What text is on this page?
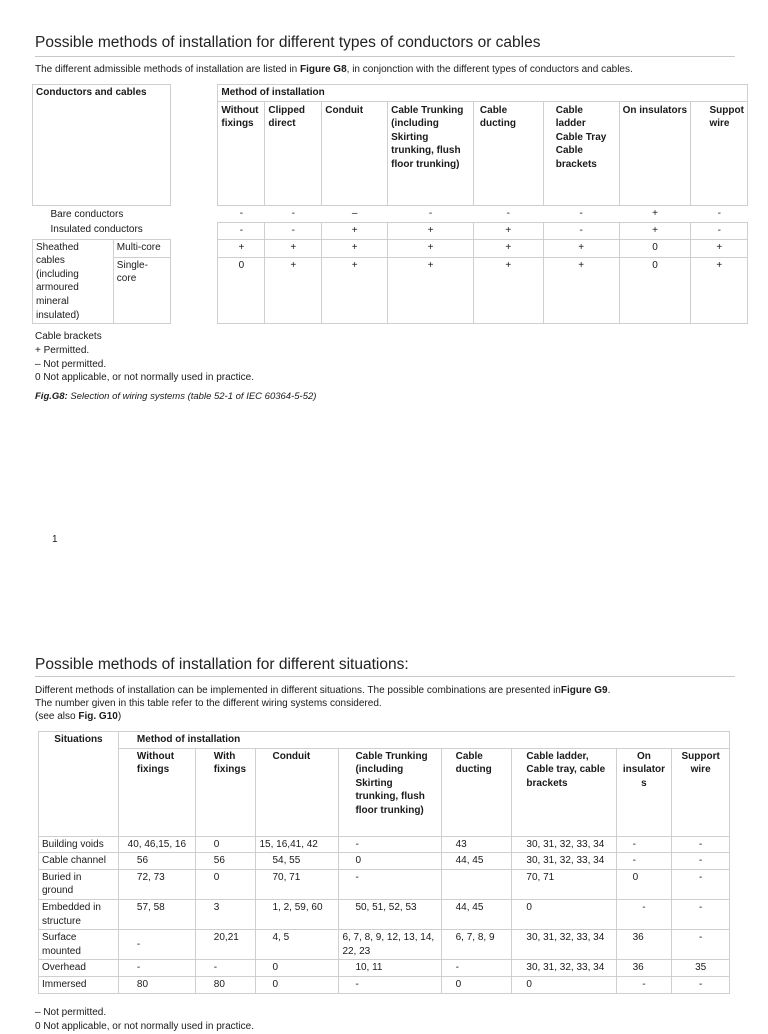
Possible methods of installation for different types of conductors or cables
The different admissible methods of installation are listed in Figure G8, in conjonction with the different types of conductors and cables.
Conductors and cables			Method of installation							
			Without fixings	Clipped direct	Conduit	Cable Trunking (including Skirting trunking, flush floor trunking)	Cable ducting	Cable ladder Cable Tray Cable brackets	On insulators	Suppot wire
Bare conductors			-	-	–	-	-	-	+	-
Insulated conductors			-	-	+	+	+	-	+	-
Sheathed cables (including armoured mineral insulated)	Multi-core		+	+	+	+	+	+	0	+
	Single-core		0	+	+	+	+	+	0	+
Cable brackets
+ Permitted.
– Not permitted.
0 Not applicable, or not normally used in practice.
Fig.G8: Selection of wiring systems (table 52-1 of IEC 60364-5-52)
1
Possible methods of installation for different situations:
Different methods of installation can be implemented in different situations. The possible combinations are presented inFigure G9.
The number given in this table refer to the different wiring systems considered.
(see also Fig. G10)
Situations	Method of installation							
	Without fixings	With fixings	Conduit	Cable Trunking (including Skirting trunking, flush floor trunking)	Cable ducting	Cable ladder, Cable tray, cable brackets	On insulator s	Support wire
Building voids	40, 46,15, 16	0	15, 16,41, 42	-	43	30, 31, 32, 33, 34	-	-
Cable channel	56	56	54, 55	0	44, 45	30, 31, 32, 33, 34	-	-
Buried in ground	72, 73	0	70, 71	-		70, 71	0	-
Embedded in structure	57, 58	3	1, 2, 59, 60	50, 51, 52, 53	44, 45	0	-	-
Surface mounted	-	20,21	4, 5	6, 7, 8, 9, 12, 13, 14, 22, 23	6, 7, 8, 9	30, 31, 32, 33, 34	36	-
Overhead	-	-	0	10, 11	-	30, 31, 32, 33, 34	36	35
Immersed	80	80	0	-	0	0	-	-
– Not permitted.
0 Not applicable, or not normally used in practice.
